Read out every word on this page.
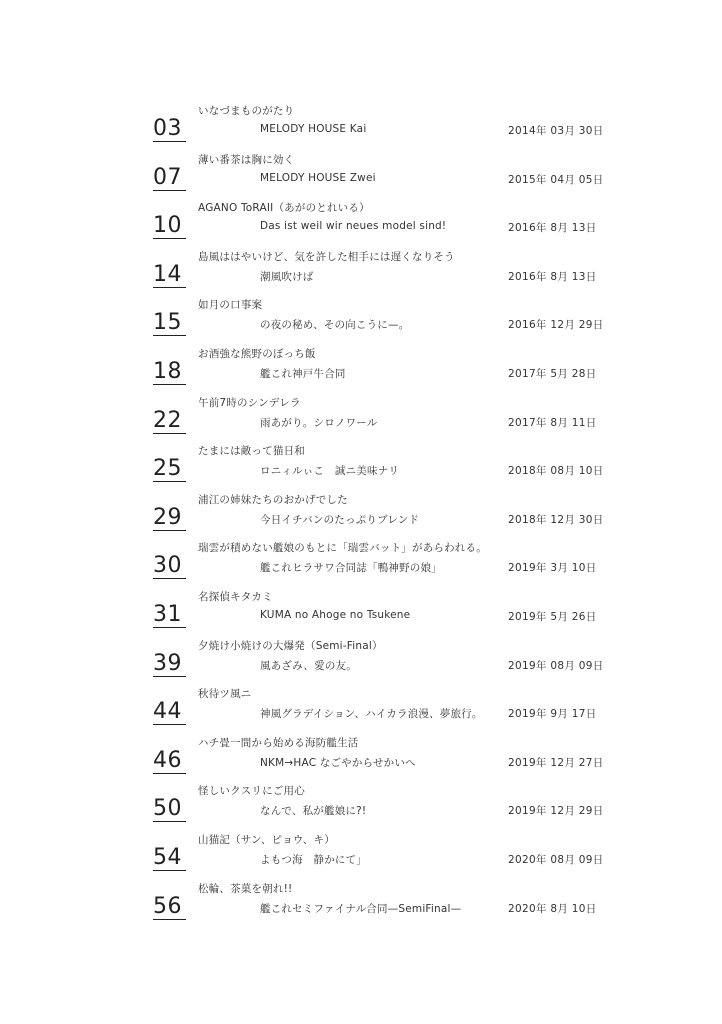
いなづまものがたり
03	MELODY HOUSE Kai	2014年 03月 30日
薄い番茶は胸に効く
07	MELODY HOUSE Zwei	2015年 04月 05日
AGANO ToRAII（あがのとれいる）
10	Das ist weil wir neues model sind!	2016年 8月 13日
島風ははやいけど、気を許した相手には遅くなりそう
14	潮風吹けば	2016年 8月 13日
如月の口事案
15	の夜の秘め、その向こうに—。	2016年 12月 29日
お酒強な熊野のぼっち飯
18	艦これ神戸牛合同	2017年 5月 28日
午前7時のシンデレラ
22	雨あがり。シロノワール	2017年 8月 11日
たまには敵って猫日和
25	ロニィルぃこ　誠ニ美味ナリ	2018年 08月 10日
浦江の姉妹たちのおかげでした
29	今日イチバンのたっぷりブレンド	2018年 12月 30日
瑞雲が積めない艦娘のもとに「瑞雲バット」があらわれる。
30	艦これヒラサワ合同誌「鴨神野の娘」	2019年 3月 10日
名探偵キタカミ
31	KUMA no Ahoge no Tsukene	2019年 5月 26日
夕焼け小焼けの大爆発（Semi-Final）
39	風あざみ、愛の友。	2019年 08月 09日
秋待ツ風ニ
44	神風グラデイション、ハイカラ浪漫、夢旅行。 2019年 9月 17日
ハチ畳一間から始める海防艦生活
46	NKM→HAC なごやからせかいへ	2019年 12月 27日
怪しいクスリにご用心
50	なんで、私が艦娘に?!	2019年 12月 29日
山猫記（サン、ピョウ、キ）
54	よもつ海　静かにて」	2020年 08月 09日
松輪、茶菓を朝れ!!
56	艦これセミファイナル合同—SemiFinal—	2020年 8月 10日
